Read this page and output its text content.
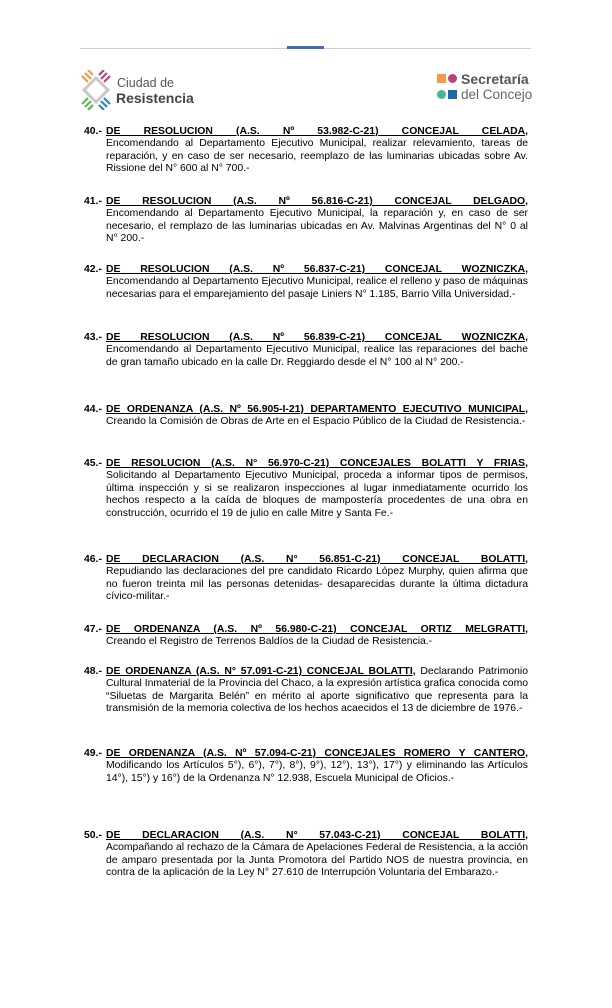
Ciudad de
Resistencia
Secretaría
del Concejo
40.- DE RESOLUCION (A.S. Nº 53.982-C-21) CONCEJAL CELADA,
Encomendando al Departamento Ejecutivo Municipal, realizar relevamiento, tareas de reparación, y en caso de ser necesario, reemplazo de las luminarias ubicadas sobre Av. Rissione del N° 600 al N° 700.-
41.- DE RESOLUCION (A.S. Nº 56.816-C-21) CONCEJAL DELGADO,
Encomendando al Departamento Ejecutivo Municipal, la reparación y, en caso de ser necesario, el remplazo de las luminarias ubicadas en Av. Malvinas Argentinas del N° 0 al N° 200.-
42.- DE RESOLUCION (A.S. Nº 56.837-C-21) CONCEJAL WOZNICZKA,
Encomendando al Departamento Ejecutivo Municipal, realice el relleno y paso de máquinas necesarias para el emparejamiento del pasaje Liniers N° 1.185, Barrio Villa Universidad.-
43.- DE RESOLUCION (A.S. Nº 56.839-C-21) CONCEJAL WOZNICZKA,
Encomendando al Departamento Ejecutivo Municipal, realice las reparaciones del bache de gran tamaño ubicado en la calle Dr. Reggiardo desde el N° 100 al N° 200.-
44.- DE ORDENANZA (A.S. Nº 56.905-I-21) DEPARTAMENTO EJECUTIVO MUNICIPAL, Creando la Comisión de Obras de Arte en el Espacio Público de la Ciudad de Resistencia.-
45.- DE RESOLUCION (A.S. N° 56.970-C-21) CONCEJALES BOLATTI Y FRIAS,
Solicitando al Departamento Ejecutivo Municipal, proceda a informar tipos de permisos, última inspección y si se realizaron inspecciones al lugar inmediatamente ocurrido los hechos respecto a la caída de bloques de mampostería procedentes de una obra en construcción, ocurrido el 19 de julio en calle Mitre y Santa Fe.-
46.- DE DECLARACION (A.S. N° 56.851-C-21) CONCEJAL BOLATTI,
Repudiando las declaraciones del pre candidato Ricardo López Murphy, quien afirma que no fueron treinta mil las personas detenidas- desaparecidas durante la última dictadura cívico-militar.-
47.- DE ORDENANZA (A.S. Nº 56.980-C-21) CONCEJAL ORTIZ MELGRATTI,
Creando el Registro de Terrenos Baldíos de la Ciudad de Resistencia.-
48.- DE ORDENANZA (A.S. N° 57.091-C-21) CONCEJAL BOLATTI, Declarando Patrimonio Cultural Inmaterial de la Provincia del Chaco, a la expresión artística grafica conocida como “Siluetas de Margarita Belén” en mérito al aporte significativo que representa para la transmisión de la memoria colectiva de los hechos acaecidos el 13 de diciembre de 1976.-
49.- DE ORDENANZA (A.S. Nº 57.094-C-21) CONCEJALES ROMERO Y CANTERO, Modificando los Artículos 5°), 6°), 7°), 8°), 9°), 12°), 13°), 17°) y eliminando las Artículos 14°), 15°) y 16°) de la Ordenanza N° 12.938, Escuela Municipal de Oficios.-
50.- DE DECLARACION (A.S. N° 57.043-C-21) CONCEJAL BOLATTI,
Acompañando al rechazo de la Cámara de Apelaciones Federal de Resistencia, a la acción de amparo presentada por la Junta Promotora del Partido NOS de nuestra provincia, en contra de la aplicación de la Ley N° 27.610 de Interrupción Voluntaria del Embarazo.-
